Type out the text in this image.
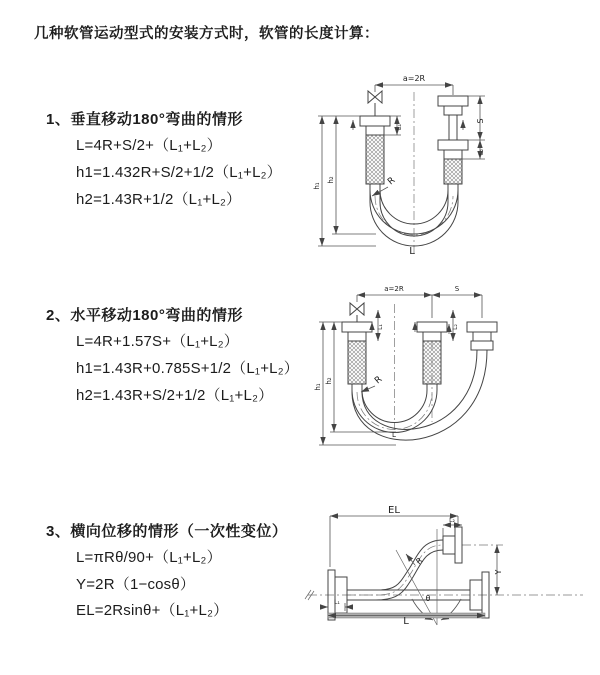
几种软管运动型式的安装方式时，软管的长度计算：
1、垂直移动180°弯曲的情形
L=4R+S/2+（L₁+L₂）
h1=1.432R+S/2+1/2（L₁+L₂）
h2=1.43R+1/2（L₁+L₂）
2、水平移动180°弯曲的情形
L=4R+1.57S+（L₁+L₂）
h1=1.43R+0.785S+1/2（L₁+L₂）
h2=1.43R+S/2+1/2（L₁+L₂）
3、横向位移的情形（一次性变位）
L=πRθ/90+（L₁+L₂）
Y=2R（1−cosθ）
EL=2Rsinθ+（L₁+L₂）
a=2R
S
L₂
L₁
h₁
h₂	R
L
a=2R	S
L₁	L₂
h₁
h₂	R
L
θ
R
EL
L₂
Y
L₁
L
